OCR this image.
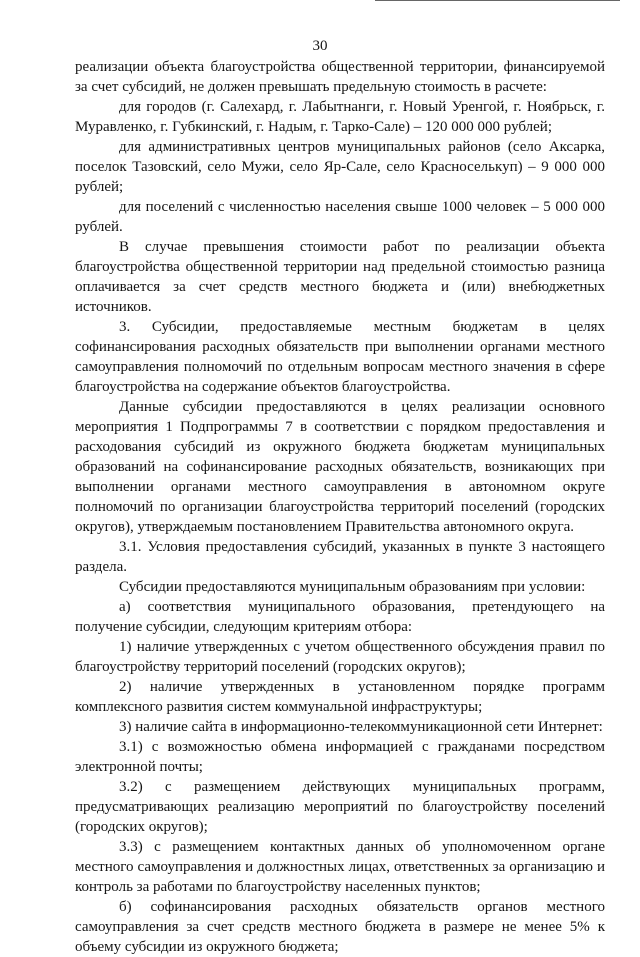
30

реализации объекта благоустройства общественной территории, финансируемой за счет субсидий, не должен превышать предельную стоимость в расчете:

для городов (г. Салехард, г. Лабытнанги, г. Новый Уренгой, г. Ноябрьск, г. Муравленко, г. Губкинский, г. Надым, г. Тарко-Сале) – 120 000 000 рублей;

для административных центров муниципальных районов (село Аксарка, поселок Тазовский, село Мужи, село Яр-Сале, село Красноселькуп) – 9 000 000 рублей;

для поселений с численностью населения свыше 1000 человек – 5 000 000 рублей.

В случае превышения стоимости работ по реализации объекта благоустройства общественной территории над предельной стоимостью разница оплачивается за счет средств местного бюджета и (или) внебюджетных источников.

3. Субсидии, предоставляемые местным бюджетам в целях софинансирования расходных обязательств при выполнении органами местного самоуправления полномочий по отдельным вопросам местного значения в сфере благоустройства на содержание объектов благоустройства.

Данные субсидии предоставляются в целях реализации основного мероприятия 1 Подпрограммы 7 в соответствии с порядком предоставления и расходования субсидий из окружного бюджета бюджетам муниципальных образований на софинансирование расходных обязательств, возникающих при выполнении органами местного самоуправления в автономном округе полномочий по организации благоустройства территорий поселений (городских округов), утверждаемым постановлением Правительства автономного округа.

3.1. Условия предоставления субсидий, указанных в пункте 3 настоящего раздела.

Субсидии предоставляются муниципальным образованиям при условии:

а) соответствия муниципального образования, претендующего на получение субсидии, следующим критериям отбора:

1) наличие утвержденных с учетом общественного обсуждения правил по благоустройству территорий поселений (городских округов);

2) наличие утвержденных в установленном порядке программ комплексного развития систем коммунальной инфраструктуры;

3) наличие сайта в информационно-телекоммуникационной сети Интернет:

3.1) с возможностью обмена информацией с гражданами посредством электронной почты;

3.2) с размещением действующих муниципальных программ, предусматривающих реализацию мероприятий по благоустройству поселений (городских округов);

3.3) с размещением контактных данных об уполномоченном органе местного самоуправления и должностных лицах, ответственных за организацию и контроль за работами по благоустройству населенных пунктов;

б) софинансирования расходных обязательств органов местного самоуправления за счет средств местного бюджета в размере не менее 5% к объему субсидии из окружного бюджета;
